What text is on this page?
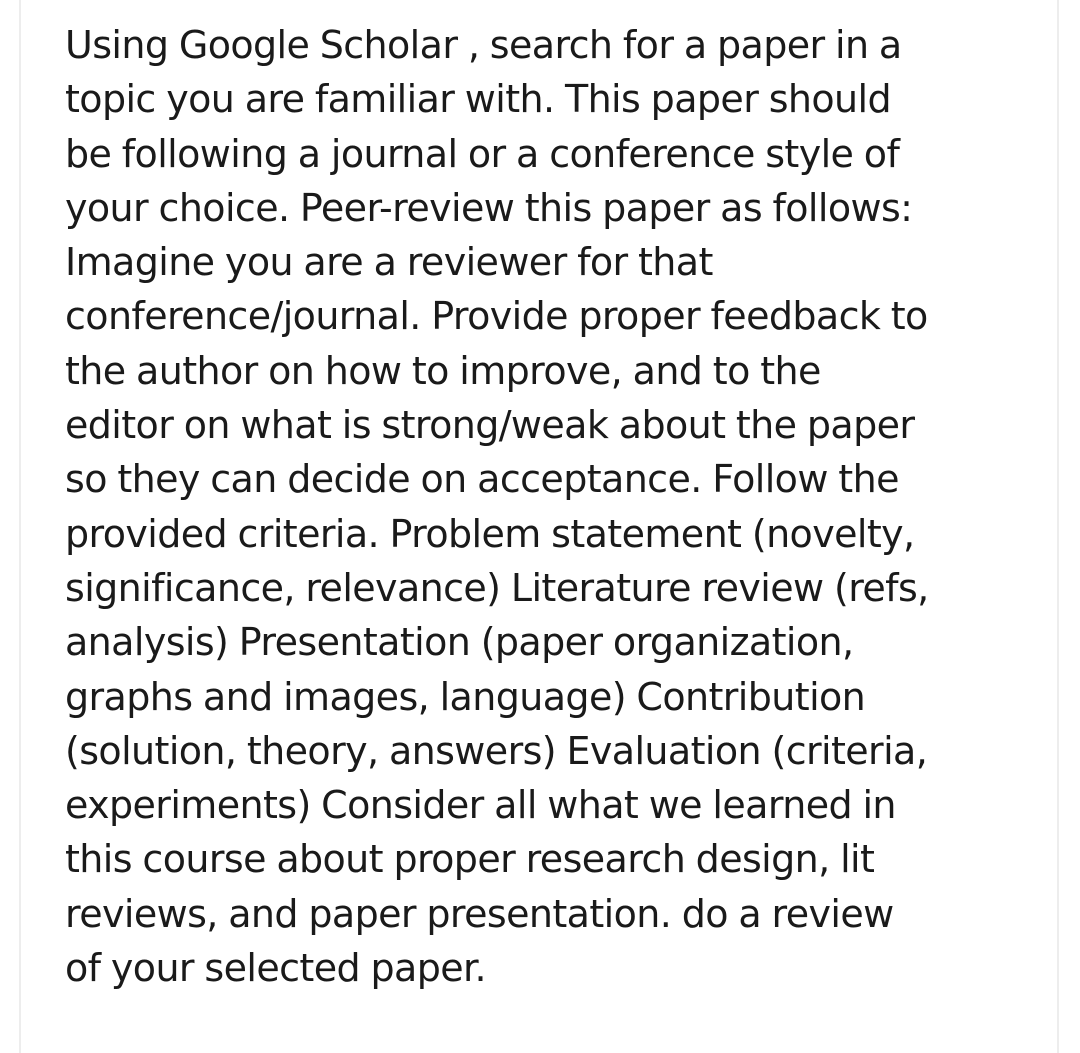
Using Google Scholar , search for a paper in a
topic you are familiar with. This paper should
be following a journal or a conference style of
your choice. Peer-review this paper as follows:
Imagine you are a reviewer for that
conference/journal. Provide proper feedback to
the author on how to improve, and to the
editor on what is strong/weak about the paper
so they can decide on acceptance. Follow the
provided criteria. Problem statement (novelty,
significance, relevance) Literature review (refs,
analysis) Presentation (paper organization,
graphs and images, language) Contribution
(solution, theory, answers) Evaluation (criteria,
experiments) Consider all what we learned in
this course about proper research design, lit
reviews, and paper presentation. do a review
of your selected paper.
